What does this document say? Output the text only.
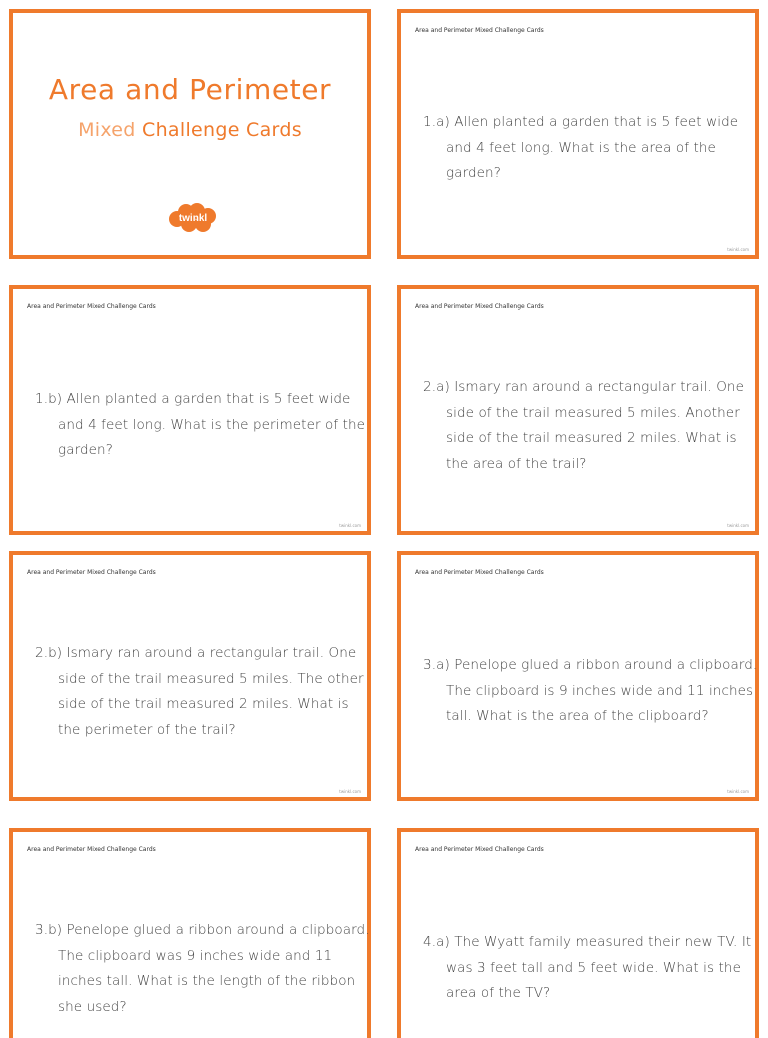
Area and Perimeter
Mixed Challenge Cards
twinkl
Area and Perimeter Mixed Challenge Cards
1.a) Allen planted a garden that is 5 feet wide and 4 feet long. What is the area of the garden?
twinkl.com
Area and Perimeter Mixed Challenge Cards
1.b) Allen planted a garden that is 5 feet wide and 4 feet long. What is the perimeter of the garden?
twinkl.com
Area and Perimeter Mixed Challenge Cards
2.a) Ismary ran around a rectangular trail. One side of the trail measured 5 miles. Another side of the trail measured 2 miles. What is the area of the trail?
twinkl.com
Area and Perimeter Mixed Challenge Cards
2.b) Ismary ran around a rectangular trail. One side of the trail measured 5 miles. The other side of the trail measured 2 miles. What is the perimeter of the trail?
twinkl.com
Area and Perimeter Mixed Challenge Cards
3.a) Penelope glued a ribbon around a clipboard. The clipboard is 9 inches wide and 11 inches tall. What is the area of the clipboard?
twinkl.com
Area and Perimeter Mixed Challenge Cards
3.b) Penelope glued a ribbon around a clipboard. The clipboard was 9 inches wide and 11 inches tall. What is the length of the ribbon she used?
Area and Perimeter Mixed Challenge Cards
4.a) The Wyatt family measured their new TV. It was 3 feet tall and 5 feet wide. What is the area of the TV?
